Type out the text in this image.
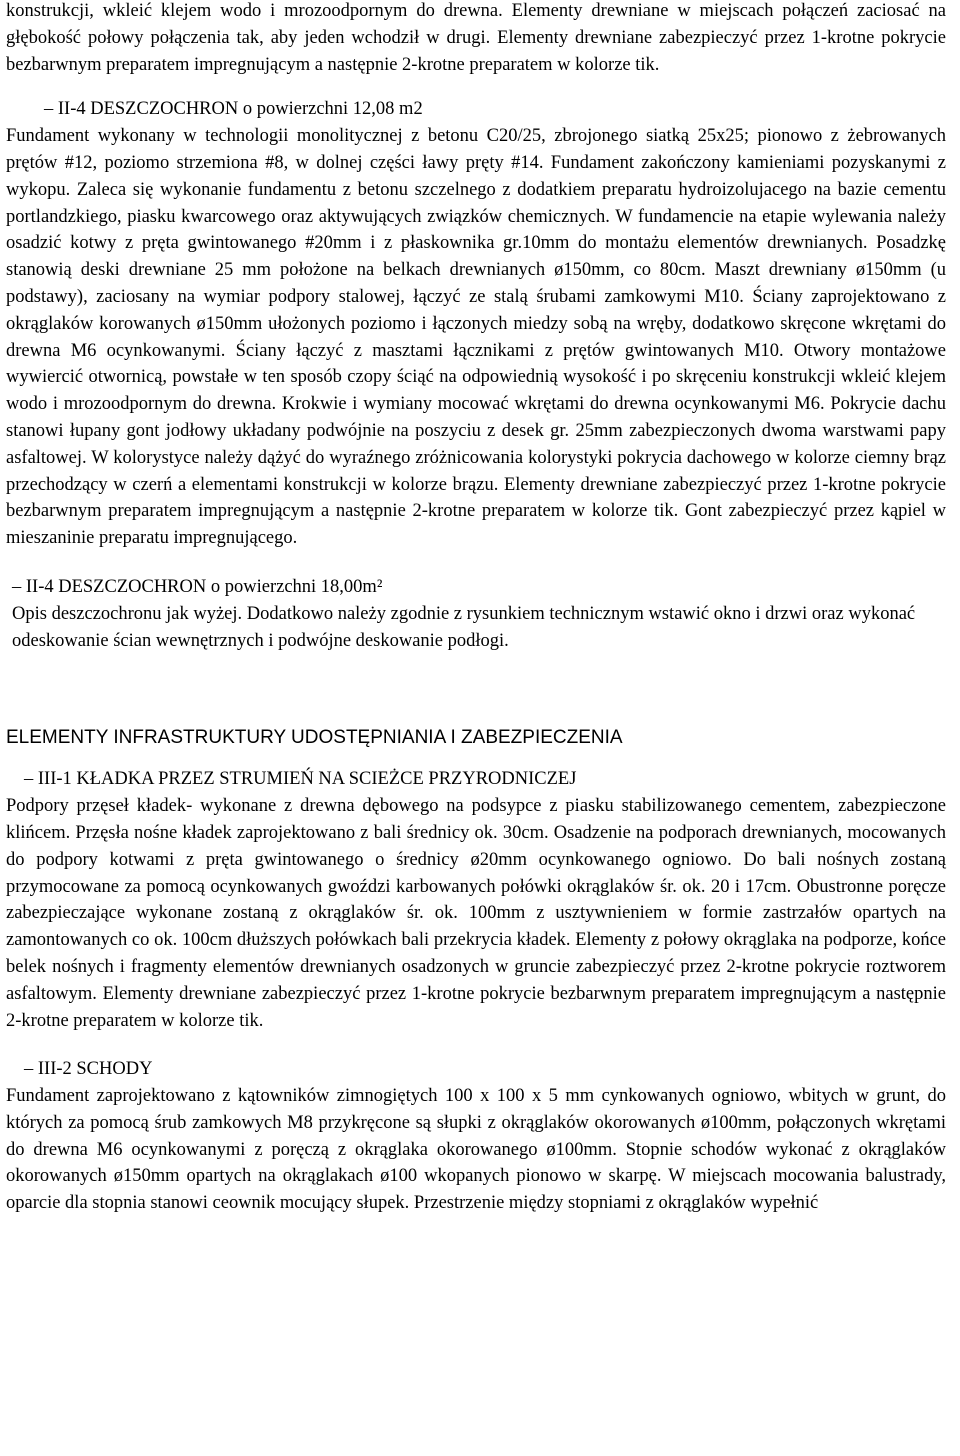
konstrukcji, wkleić klejem wodo i mrozoodpornym do drewna. Elementy drewniane w miejscach połączeń zaciosać na głębokość połowy połączenia tak, aby jeden wchodził w drugi. Elementy drewniane zabezpieczyć przez 1-krotne pokrycie bezbarwnym preparatem impregnującym a następnie 2-krotne preparatem w kolorze tik.

– II-4 DESZCZOCHRON o powierzchni 12,08 m2

Fundament wykonany w technologii monolitycznej z betonu C20/25, zbrojonego siatką 25x25; pionowo z żebrowanych prętów #12, poziomo strzemiona #8, w dolnej części ławy pręty #14. Fundament zakończony kamieniami pozyskanymi z wykopu. Zaleca się wykonanie fundamentu z betonu szczelnego z dodatkiem preparatu hydroizolujacego na bazie cementu portlandzkiego, piasku kwarcowego oraz aktywujących związków chemicznych. W fundamencie na etapie wylewania należy osadzić kotwy z pręta gwintowanego #20mm i z płaskownika gr.10mm do montażu elementów drewnianych. Posadzkę stanowią deski drewniane 25 mm położone na belkach drewnianych ø150mm, co 80cm. Maszt drewniany ø150mm (u podstawy), zaciosany na wymiar podpory stalowej, łączyć ze stalą śrubami zamkowymi M10. Ściany zaprojektowano z okrąglaków korowanych ø150mm ułożonych poziomo i łączonych miedzy sobą na wręby, dodatkowo skręcone wkrętami do drewna M6 ocynkowanymi. Ściany łączyć z masztami łącznikami z prętów gwintowanych M10. Otwory montażowe wywiercić otwornicą, powstałe w ten sposób czopy ściąć na odpowiednią wysokość i po skręceniu konstrukcji wkleić klejem wodo i mrozoodpornym do drewna. Krokwie i wymiany mocować wkrętami do drewna ocynkowanymi M6. Pokrycie dachu stanowi łupany gont jodłowy układany podwójnie na poszyciu z desek gr. 25mm zabezpieczonych dwoma warstwami papy asfaltowej. W kolorystyce należy dążyć do wyraźnego zróżnicowania kolorystyki pokrycia dachowego w kolorze ciemny brąz przechodzący w czerń a elementami konstrukcji w kolorze brązu. Elementy drewniane zabezpieczyć przez 1-krotne pokrycie bezbarwnym preparatem impregnującym a następnie 2-krotne preparatem w kolorze tik. Gont zabezpieczyć przez kąpiel w mieszaninie preparatu impregnującego.

– II-4 DESZCZOCHRON o powierzchni 18,00m²

Opis deszczochronu jak wyżej. Dodatkowo należy zgodnie z rysunkiem technicznym wstawić okno i drzwi oraz wykonać odeskowanie ścian wewnętrznych i podwójne deskowanie podłogi.

ELEMENTY INFRASTRUKTURY UDOSTĘPNIANIA I ZABEZPIECZENIA

– III-1 KŁADKA PRZEZ STRUMIEŃ NA SCIEŻCE PRZYRODNICZEJ

Podpory przęseł kładek- wykonane z drewna dębowego na podsypce z piasku stabilizowanego cementem, zabezpieczone klińcem. Przęsła nośne kładek zaprojektowano z bali średnicy ok. 30cm. Osadzenie na podporach drewnianych, mocowanych do podpory kotwami z pręta gwintowanego o średnicy ø20mm ocynkowanego ogniowo. Do bali nośnych zostaną przymocowane za pomocą ocynkowanych gwoździ karbowanych połówki okrąglaków śr. ok. 20 i 17cm. Obustronne poręcze zabezpieczające wykonane zostaną z okrąglaków śr. ok. 100mm z usztywnieniem w formie zastrzałów opartych na zamontowanych co ok. 100cm dłuższych połówkach bali przekrycia kładek. Elementy z połowy okrąglaka na podporze, końce belek nośnych i fragmenty elementów drewnianych osadzonych w gruncie zabezpieczyć przez 2-krotne pokrycie roztworem asfaltowym. Elementy drewniane zabezpieczyć przez 1-krotne pokrycie bezbarwnym preparatem impregnującym a następnie 2-krotne preparatem w kolorze tik.

– III-2 SCHODY

Fundament zaprojektowano z kątowników zimnogiętych 100 x 100 x 5 mm cynkowanych ogniowo, wbitych w grunt, do których za pomocą śrub zamkowych M8 przykręcone są słupki z okrąglaków okorowanych ø100mm, połączonych wkrętami do drewna M6 ocynkowanymi z poręczą z okrąglaka okorowanego ø100mm. Stopnie schodów wykonać z okrąglaków okorowanych ø150mm opartych na okrąglakach ø100 wkopanych pionowo w skarpę. W miejscach mocowania balustrady, oparcie dla stopnia stanowi ceownik mocujący słupek. Przestrzenie między stopniami z okrąglaków wypełnić
